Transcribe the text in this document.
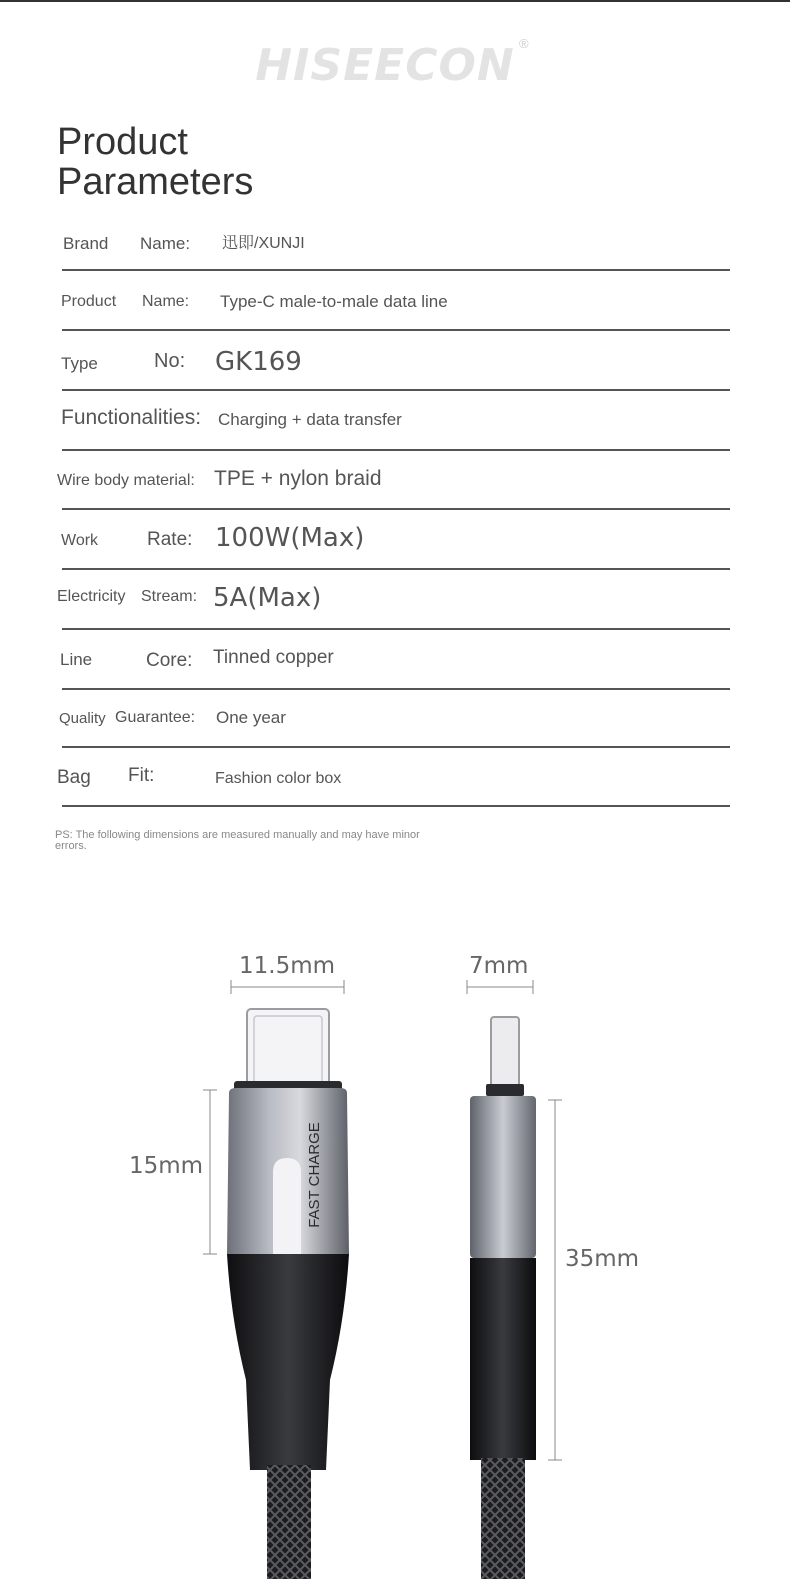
HISEECON ®
Product
Parameters
Brand Name: 迅即/XUNJI
Product Name: Type-C male-to-male data line
Type	No: GK169
Functionalities: Charging + data transfer
Wire body material: TPE + nylon braid
Work	Rate: 100W(Max)
Electricity Stream: 5A(Max)
Line	Core: Tinned copper
Quality Guarantee: One year
Bag Fit:	Fashion color box
PS: The following dimensions are measured manually and may have minor errors.
11.5mm	7mm
15mm
35mm
FAST CHARGE
